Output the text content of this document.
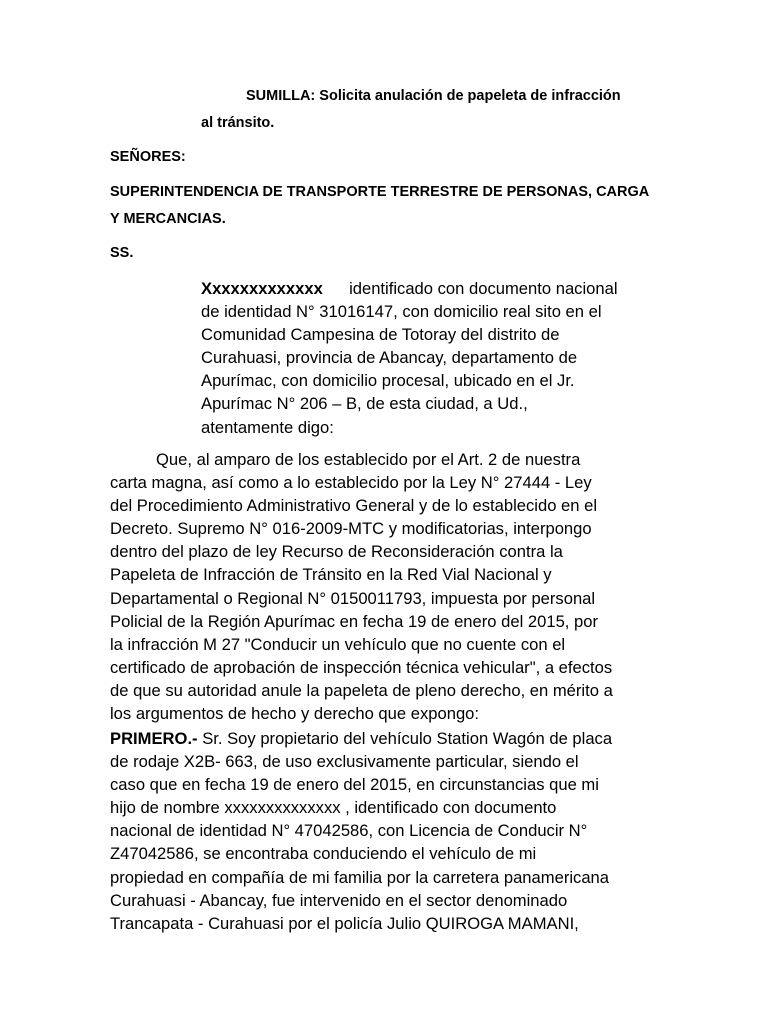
SUMILLA: Solicita anulación de papeleta de infracción
al tránsito.
SEÑORES:
SUPERINTENDENCIA DE TRANSPORTE TERRESTRE DE PERSONAS, CARGA
Y MERCANCIAS.
SS.
Xxxxxxxxxxxxx identificado con documento nacional
de identidad N° 31016147, con domicilio real sito en el
Comunidad Campesina de Totoray del distrito de
Curahuasi, provincia de Abancay, departamento de
Apurímac, con domicilio procesal, ubicado en el Jr.
Apurímac N° 206 – B, de esta ciudad, a Ud.,
atentamente digo:
Que, al amparo de los establecido por el Art. 2 de nuestra
carta magna, así como a lo establecido por la Ley N° 27444 - Ley
del Procedimiento Administrativo General y de lo establecido en el
Decreto. Supremo N° 016-2009-MTC y modificatorias, interpongo
dentro del plazo de ley Recurso de Reconsideración contra la
Papeleta de Infracción de Tránsito en la Red Vial Nacional y
Departamental o Regional N° 0150011793, impuesta por personal
Policial de la Región Apurímac en fecha 19 de enero del 2015, por
la infracción M 27 "Conducir un vehículo que no cuente con el
certificado de aprobación de inspección técnica vehicular", a efectos
de que su autoridad anule la papeleta de pleno derecho, en mérito a
los argumentos de hecho y derecho que expongo:
PRIMERO.- Sr. Soy propietario del vehículo Station Wagón de placa
de rodaje X2B- 663, de uso exclusivamente particular, siendo el
caso que en fecha 19 de enero del 2015, en circunstancias que mi
hijo de nombre xxxxxxxxxxxxxx , identificado con documento
nacional de identidad N° 47042586, con Licencia de Conducir N°
Z47042586, se encontraba conduciendo el vehículo de mi
propiedad en compañía de mi familia por la carretera panamericana
Curahuasi - Abancay, fue intervenido en el sector denominado
Trancapata - Curahuasi por el policía Julio QUIROGA MAMANI,
